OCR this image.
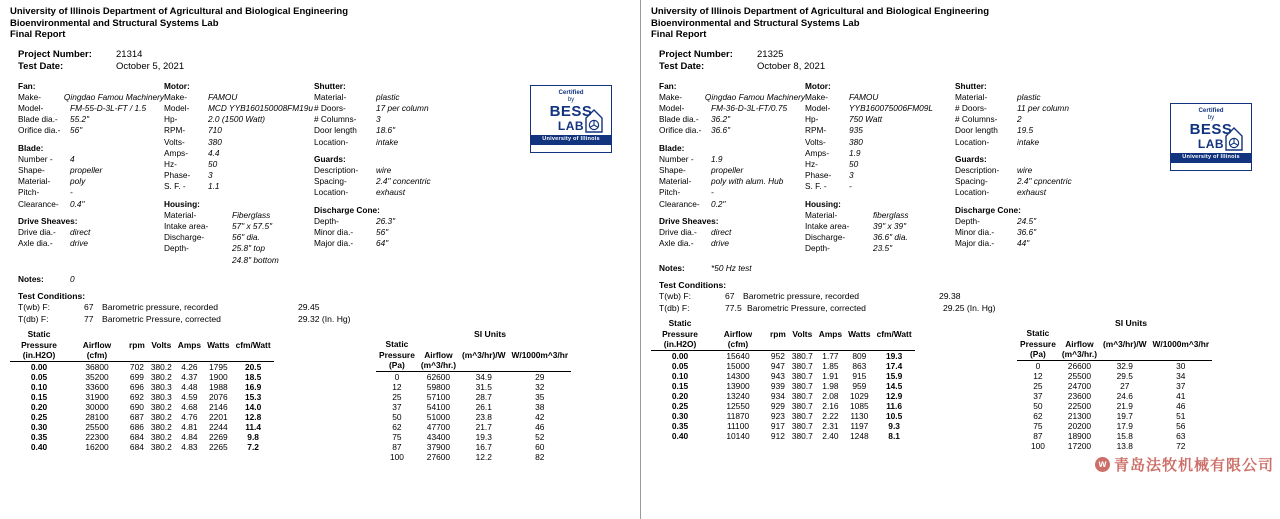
University of Illinois Department of Agricultural and Biological Engineering
Bioenvironmental and Structural Systems Lab
Final Report
Project Number:	21314
Test Date:	October 5, 2021
Fan:
Make-	Qingdao Famou Machinery
Model-	FM-55-D-3L-FT / 1.5
Blade dia.-	55.2"
Orifice dia.-	56"
Blade:
Number -	4
Shape-	propeller
Material-	poly
Pitch-	-
Clearance-	0.4"
Drive Sheaves:
Drive dia.-	direct
Axle dia.-	drive
Motor:
Make-	FAMOU
Model-	MCD YYB160150008FM19u
Hp-	2.0 (1500 Watt)
RPM-	710
Volts-	380
Amps-	4.4
Hz-	50
Phase-	3
S. F. -	1.1
Housing:
Material-	Fiberglass
Intake area-	57" x 57.5"
Discharge-	56" dia.
Depth-	25.8" top
24.8" bottom
Shutter:
Material-	plastic
# Doors-	17 per column
# Columns-	3
Door length	18.6"
Location-	intake
Guards:
Description-	wire
Spacing-	2.4" concentric
Location-	exhaust
Discharge Cone:
Depth-	26.3"
Minor dia.-	56"
Major dia.-	64"
Certified
by
BESS
LAB
University of Illinois
Notes:	0
Test Conditions:
T(wb) F:	67 Barometric pressure, recorded	29.45
T(db) F:	77 Barometric Pressure, corrected	29.32 (In. Hg)
Static						
Pressure	Airflow	rpm	Volts	Amps	Watts	cfm/Watt
(in.H2O)	(cfm)					
0.00	36800	702	380.2	4.26	1795	20.5
0.05	35200	699	380.2	4.37	1900	18.5
0.10	33600	696	380.3	4.48	1988	16.9
0.15	31900	692	380.3	4.59	2076	15.3
0.20	30000	690	380.2	4.68	2146	14.0
0.25	28100	687	380.2	4.76	2201	12.8
0.30	25500	686	380.2	4.81	2244	11.4
0.35	22300	684	380.2	4.84	2269	9.8
0.40	16200	684	380.2	4.83	2265	7.2
SI Units
Static			
Pressure	Airflow	(m^3/hr)/W	W/1000m^3/hr
(Pa)	(m^3/hr.)		
0	62600	34.9	29
12	59800	31.5	32
25	57100	28.7	35
37	54100	26.1	38
50	51000	23.8	42
62	47700	21.7	46
75	43400	19.3	52
87	37900	16.7	60
100	27600	12.2	82
University of Illinois Department of Agricultural and Biological Engineering
Bioenvironmental and Structural Systems Lab
Final Report
Project Number:	21325
Test Date:	October 8, 2021
Fan:
Make-	Qingdao Famou Machinery
Model-	FM-36-D-3L-FT/0.75
Blade dia.-	36.2"
Orifice dia.-	36.6"
Blade:
Number -	1.9
Shape-	propeller
Material-	poly with alum. Hub
Pitch-	-
Clearance-	0.2"
Drive Sheaves:
Drive dia.-	direct
Axle dia.-	drive
Motor:
Make-	FAMOU
Model-	YYB160075006FM09L
Hp-	750 Watt
RPM-	935
Volts-	380
Amps-	1.9
Hz-	50
Phase-	3
S. F. -	-
Housing:
Material-	fiberglass
Intake area-	39" x 39"
Discharge-	36.6" dia.
Depth-	23.5"
Shutter:
Material-	plastic
# Doors-	11 per column
# Columns-	2
Door length	19.5
Location-	intake
Guards:
Description-	wire
Spacing-	2.4" cpncentric
Location-	exhaust
Discharge Cone:
Depth-	24.5"
Minor dia.-	36.6"
Major dia.-	44"
Certified
by
BESS
LAB
University of Illinois
Notes:	*50 Hz test
Test Conditions:
T(wb) F:	67 Barometric pressure, recorded	29.38
T(db) F:	77.5 Barometric Pressure, corrected	29.25 (In. Hg)
Static						
Pressure	Airflow	rpm	Volts	Amps	Watts	cfm/Watt
(in.H2O)	(cfm)					
0.00	15640	952	380.7	1.77	809	19.3
0.05	15000	947	380.7	1.85	863	17.4
0.10	14300	943	380.7	1.91	915	15.9
0.15	13900	939	380.7	1.98	959	14.5
0.20	13240	934	380.7	2.08	1029	12.9
0.25	12550	929	380.7	2.16	1085	11.6
0.30	11870	923	380.7	2.22	1130	10.5
0.35	11100	917	380.7	2.31	1197	9.3
0.40	10140	912	380.7	2.40	1248	8.1
SI Units
Static			
Pressure	Airflow	(m^3/hr)/W	W/1000m^3/hr
(Pa)	(m^3/hr.)		
0	26600	32.9	30
12	25500	29.5	34
25	24700	27	37
37	23600	24.6	41
50	22500	21.9	46
62	21300	19.7	51
75	20200	17.9	56
87	18900	15.8	63
100	17200	13.8	72
w 青岛法牧机械有限公司
